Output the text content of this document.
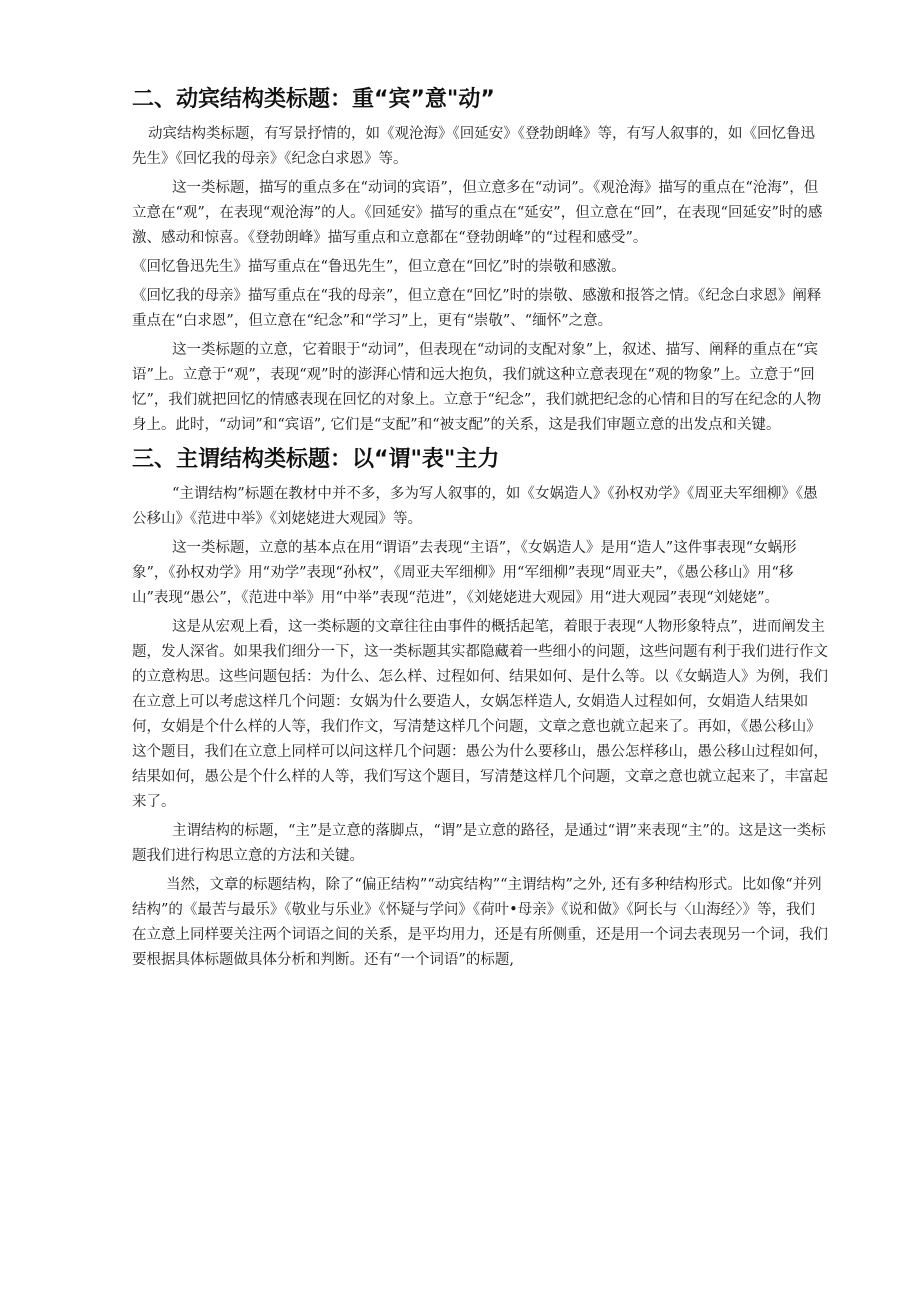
二、动宾结构类标题：重“宾”意"动”

动宾结构类标题，有写景抒情的，如《观沧海》《回延安》《登勃朗峰》等，有写人叙事的，如《回忆鲁迅先生》《回忆我的母亲》《纪念白求恩》等。

这一类标题，描写的重点多在“动词的宾语”，但立意多在“动词”。《观沧海》描写的重点在“沧海”，但立意在“观”，在表现“观沧海”的人。《回延安》描写的重点在“延安”，但立意在“回”，在表现“回延安”时的感激、感动和惊喜。《登勃朗峰》描写重点和立意都在“登勃朗峰”的“过程和感受”。

《回忆鲁迅先生》描写重点在“鲁迅先生”，但立意在“回忆”时的崇敬和感激。

《回忆我的母亲》描写重点在“我的母亲”，但立意在“回忆”时的崇敬、感激和报答之情。《纪念白求恩》阐释重点在“白求恩”，但立意在“纪念”和“学习”上，更有“崇敬”、“缅怀”之意。

这一类标题的立意，它着眼于“动词”，但表现在“动词的支配对象”上，叙述、描写、阐释的重点在“宾语”上。立意于“观”，表现“观”时的澎湃心情和远大抱负，我们就这种立意表现在“观的物象”上。立意于“回忆”，我们就把回忆的情感表现在回忆的对象上。立意于“纪念”，我们就把纪念的心情和目的写在纪念的人物身上。此时，“动词”和“宾语”, 它们是“支配”和“被支配”的关系，这是我们审题立意的出发点和关键。

三、主谓结构类标题：以“谓"表"主力

“主谓结构”标题在教材中并不多，多为写人叙事的，如《女娲造人》《孙权劝学》《周亚夫军细柳》《愚公移山》《范进中举》《刘姥姥进大观园》等。

这一类标题，立意的基本点在用“谓语”去表现“主语”，《女娲造人》是用“造人”这件事表现“女蜗形象”，《孙权劝学》用“劝学”表现“孙权”，《周亚夫军细柳》用“军细柳”表现“周亚夫”，《愚公移山》用“移山”表现“愚公”，《范进中举》用“中举”表现“范进”，《刘姥姥进大观园》用“进大观园”表现“刘姥姥”。

这是从宏观上看，这一类标题的文章往往由事件的概括起笔，着眼于表现“人物形象特点”，进而阐发主题，发人深省。如果我们细分一下，这一类标题其实都隐藏着一些细小的问题，这些问题有利于我们进行作文的立意构思。这些问题包括：为什么、怎么样、过程如何、结果如何、是什么等。以《女蜗造人》为例，我们在立意上可以考虑这样几个问题：女娲为什么要造人，女娲怎样造人, 女娟造人过程如何，女娟造人结果如何，女娟是个什么样的人等，我们作文，写清楚这样几个问题，文章之意也就立起来了。再如，《愚公移山》这个题目，我们在立意上同样可以问这样几个问题：愚公为什么要移山，愚公怎样移山，愚公移山过程如何，结果如何，愚公是个什么样的人等，我们写这个题目，写清楚这样几个问题，文章之意也就立起来了，丰富起来了。

主谓结构的标题，“主”是立意的落脚点，“谓”是立意的路径，是通过“谓”来表现“主”的。这是这一类标题我们进行构思立意的方法和关键。

当然，文章的标题结构，除了“偏正结构”“动宾结构”“主谓结构”之外, 还有多种结构形式。比如像“并列结构”的《最苦与最乐》《敬业与乐业》《怀疑与学问》《荷叶•母亲》《说和做》《阿长与〈山海经〉》等，我们在立意上同样要关注两个词语之间的关系，是平均用力，还是有所侧重，还是用一个词去表现另一个词，我们要根据具体标题做具体分析和判断。还有“一个词语”的标题,
